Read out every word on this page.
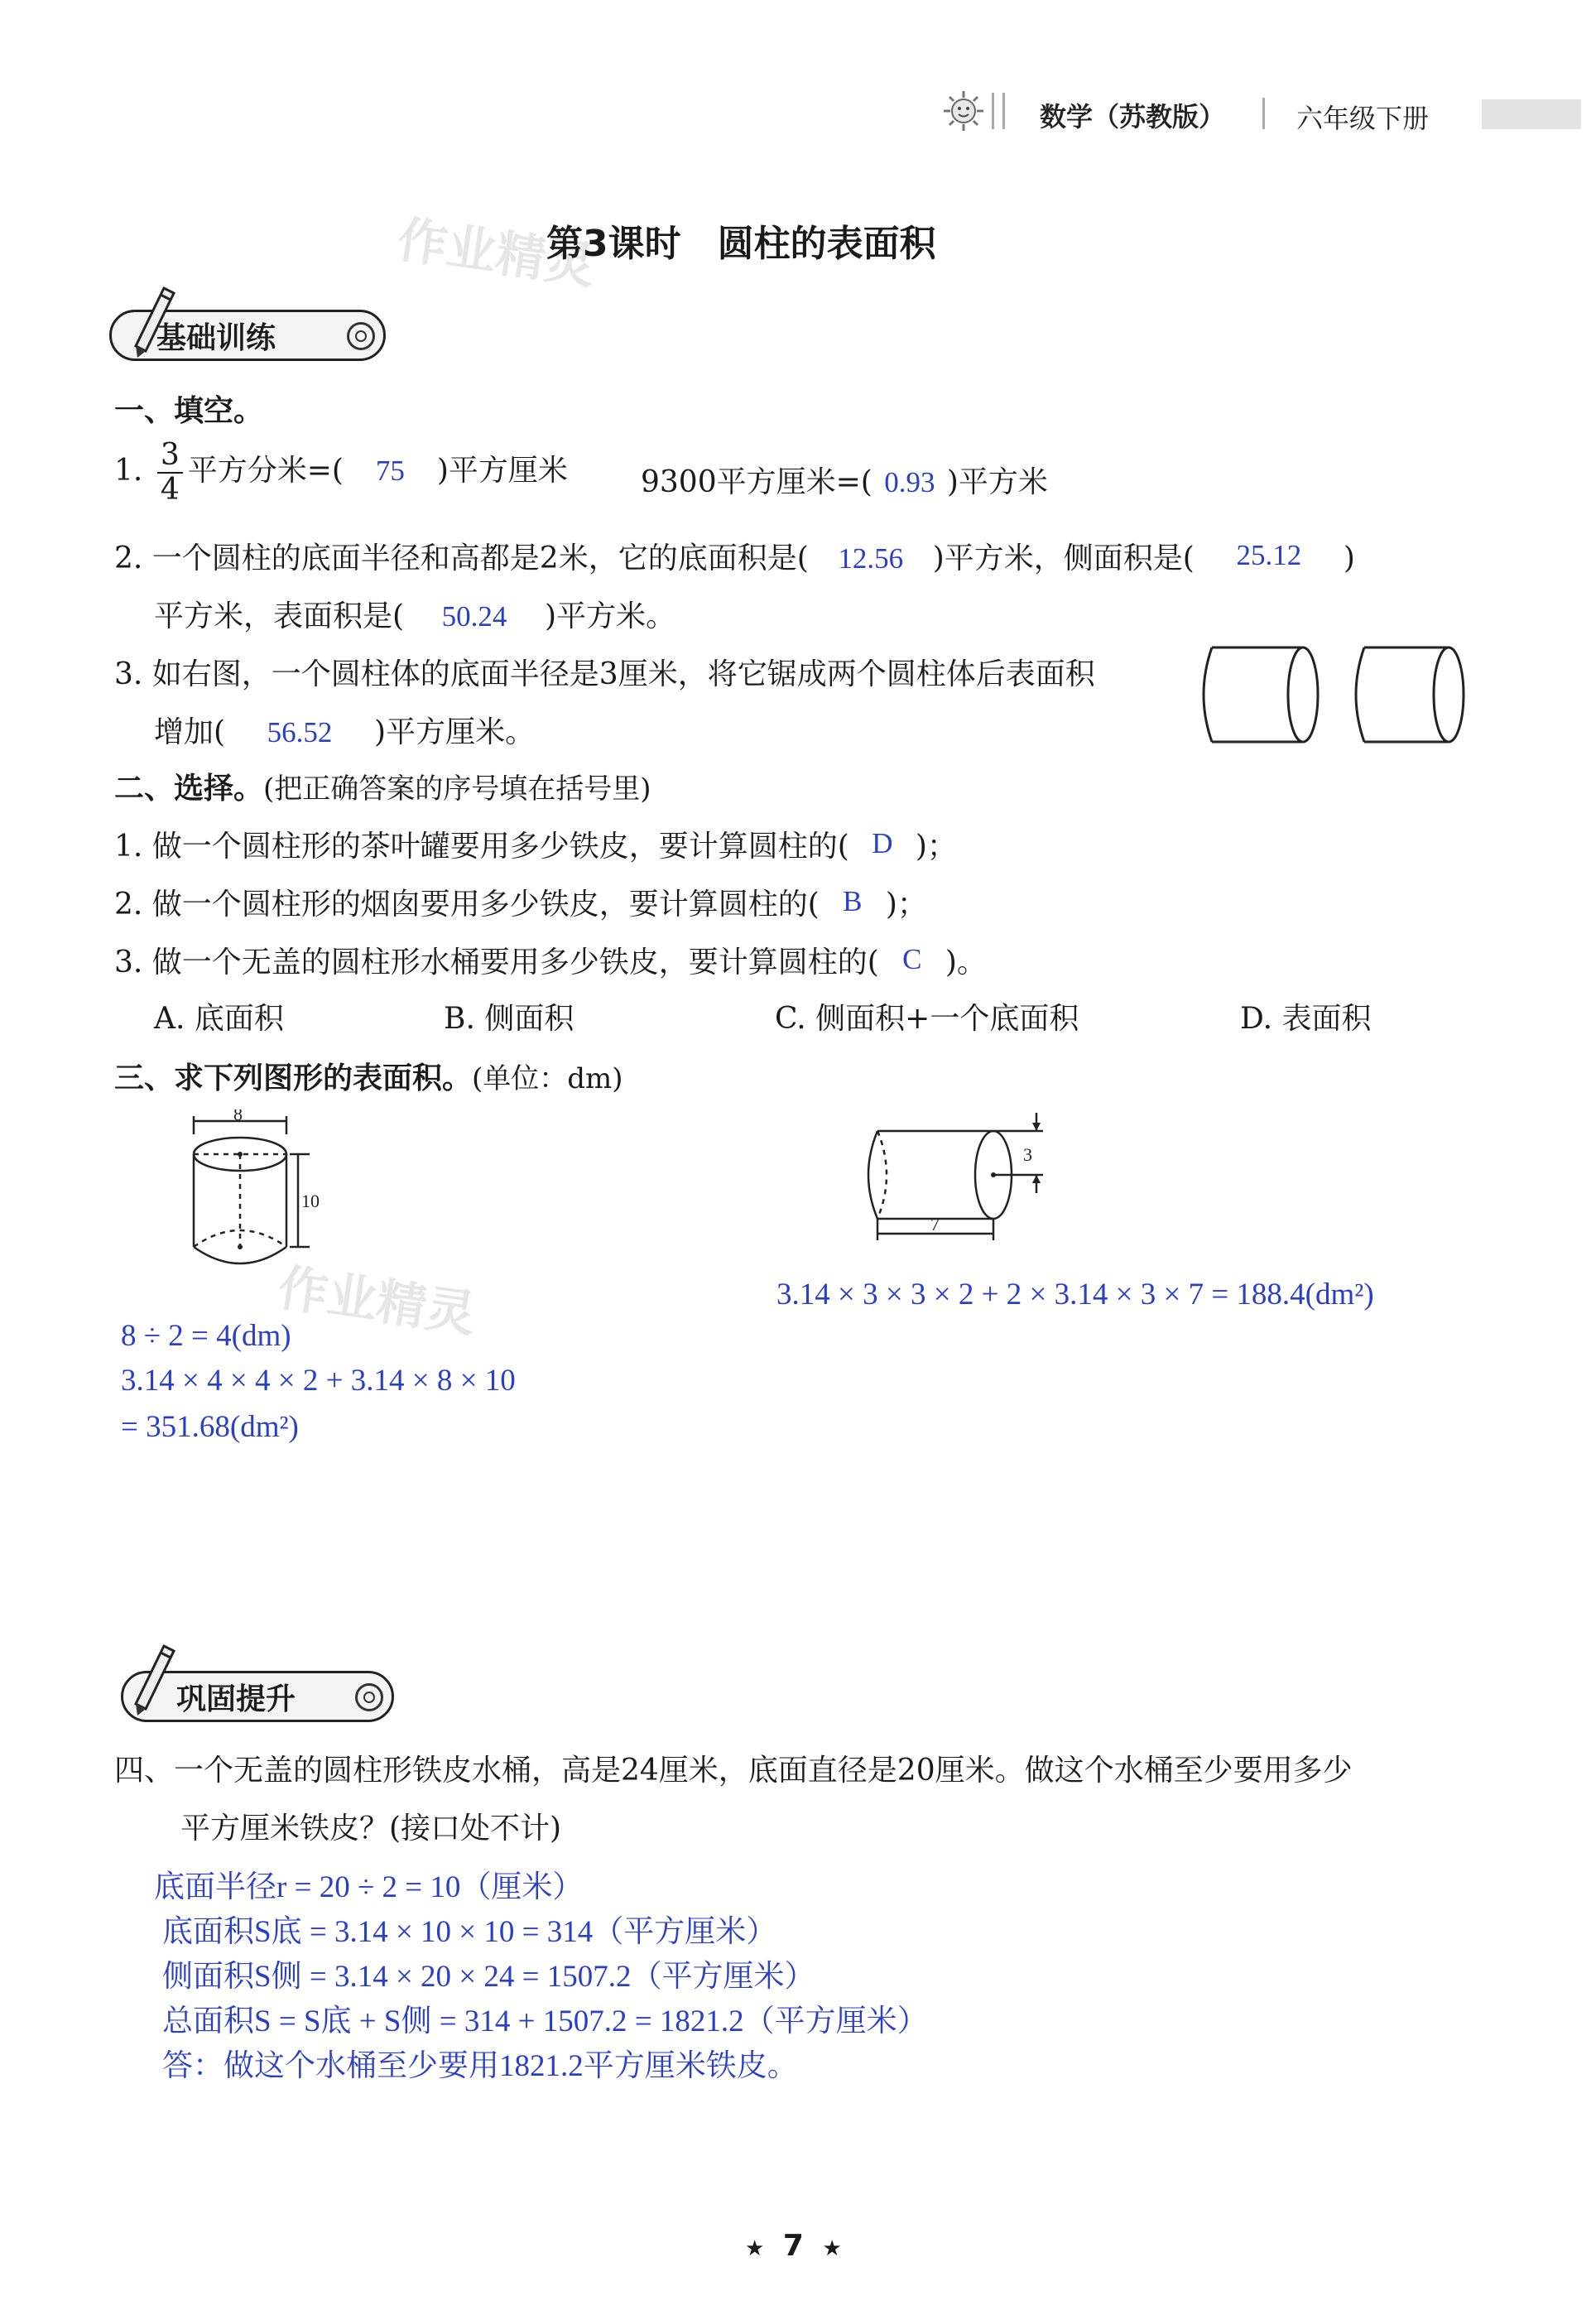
数学（苏教版）	六年级下册
作业精灵
第3课时　圆柱的表面积
基础训练
一、填空。
1. $\frac{3}{4}$ 平方分米=( 75 )平方厘米 9300平方厘米=( 0.93 )平方米
2. 一个圆柱的底面半径和高都是2米，它的底面积是( 12.56 )平方米，侧面积是( 25.12 )
平方米，表面积是( 50.24 )平方米。
3. 如右图，一个圆柱体的底面半径是3厘米，将它锯成两个圆柱体后表面积
增加( 56.52 )平方厘米。
二、选择。(把正确答案的序号填在括号里)
1. 做一个圆柱形的茶叶罐要用多少铁皮，要计算圆柱的( D )；
2. 做一个圆柱形的烟囱要用多少铁皮，要计算圆柱的( B )；
3. 做一个无盖的圆柱形水桶要用多少铁皮，要计算圆柱的( C )。
A. 底面积	B. 侧面积	C. 侧面积+一个底面积	D. 表面积
三、求下列图形的表面积。(单位：dm)
8
10
作业精灵
3
7
8 ÷ 2 = 4(dm)
3.14 × 4 × 4 × 2 + 3.14 × 8 × 10
= 351.68(dm²)
3.14 × 3 × 3 × 2 + 2 × 3.14 × 3 × 7 = 188.4(dm²)
巩固提升
四、一个无盖的圆柱形铁皮水桶，高是24厘米，底面直径是20厘米。做这个水桶至少要用多少
平方厘米铁皮？(接口处不计)
底面半径r = 20 ÷ 2 = 10（厘米）
底面积S底 = 3.14 × 10 × 10 = 314（平方厘米）
侧面积S侧 = 3.14 × 20 × 24 = 1507.2（平方厘米）
总面积S = S底 + S侧 = 314 + 1507.2 = 1821.2（平方厘米）
答：做这个水桶至少要用1821.2平方厘米铁皮。
★ 7 ★
